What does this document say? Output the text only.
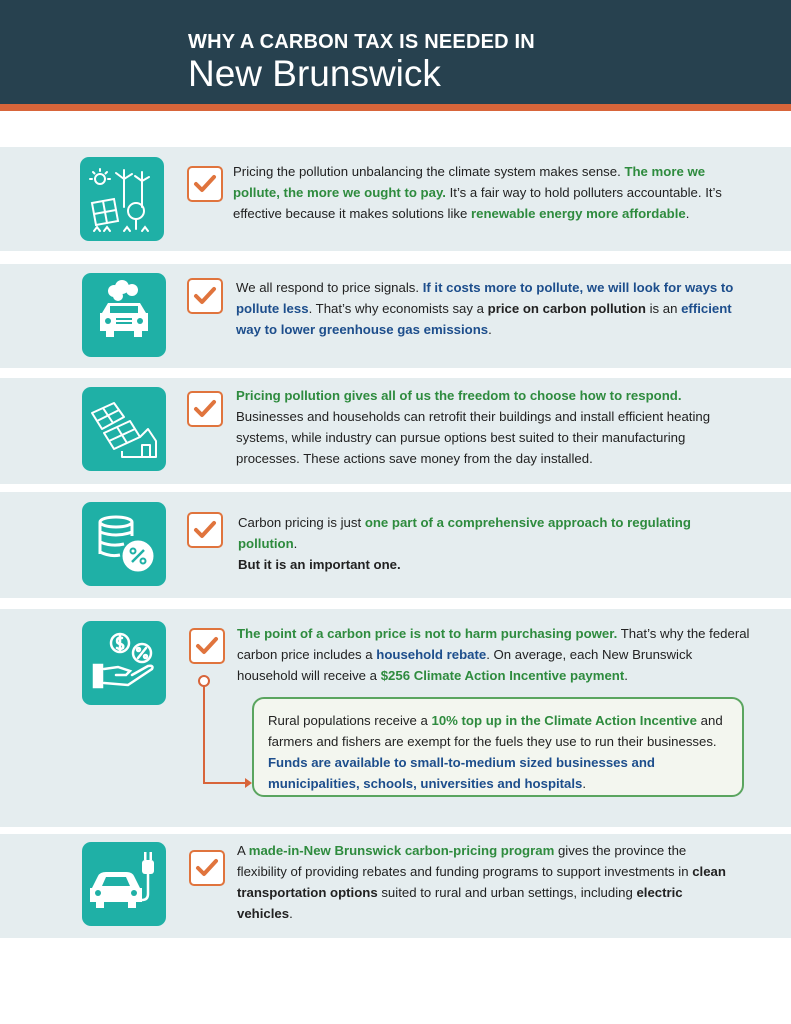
WHY A CARBON TAX IS NEEDED IN
New Brunswick
Pricing the pollution unbalancing the climate system makes sense. The more we pollute, the more we ought to pay. It’s a fair way to hold polluters accountable. It’s effective because it makes solutions like renewable energy more affordable.
We all respond to price signals. If it costs more to pollute, we will look for ways to pollute less. That’s why economists say a price on carbon pollution is an efficient way to lower greenhouse gas emissions.
Pricing pollution gives all of us the freedom to choose how to respond. Businesses and households can retrofit their buildings and install efficient heating systems, while industry can pursue options best suited to their manufacturing processes. These actions save money from the day installed.
Carbon pricing is just one part of a comprehensive approach to regulating pollution.
But it is an important one.
The point of a carbon price is not to harm purchasing power. That’s why the federal carbon price includes a household rebate. On average, each New Brunswick household will receive a $256 Climate Action Incentive payment.
Rural populations receive a 10% top up in the Climate Action Incentive and farmers and fishers are exempt for the fuels they use to run their businesses.
Funds are available to small-to-medium sized businesses and municipalities, schools, universities and hospitals.
A made-in-New Brunswick carbon-pricing program gives the province the flexibility of providing rebates and funding programs to support investments in clean transportation options suited to rural and urban settings, including electric vehicles.
